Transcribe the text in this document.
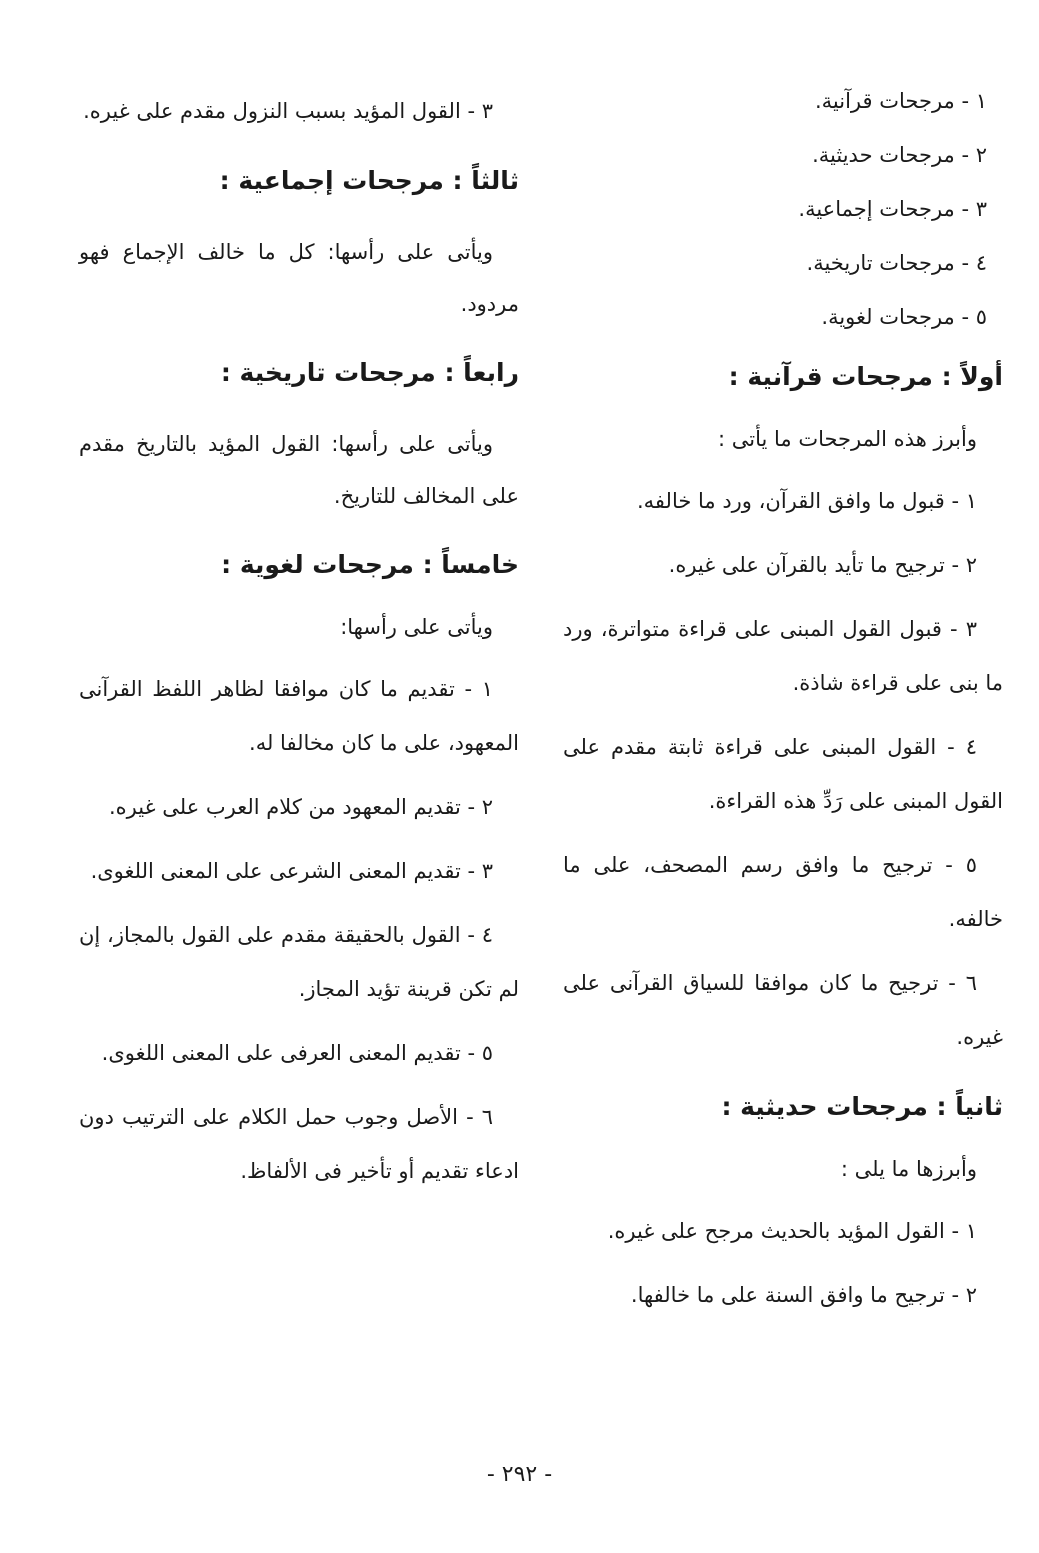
١ - مرجحات قرآنية.
٢ - مرجحات حديثية.
٣ - مرجحات إجماعية.
٤ - مرجحات تاريخية.
٥ - مرجحات لغوية.
أولاً : مرجحات قرآنية :

وأبرز هذه المرجحات ما يأتى :

١ - قبول ما وافق القرآن، ورد ما خالفه.
٢ - ترجيح ما تأيد بالقرآن على غيره.
٣ - قبول القول المبنى على قراءة متواترة، ورد ما بنى على قراءة شاذة.
٤ - القول المبنى على قراءة ثابتة مقدم على القول المبنى على رَدِّ هذه القراءة.
٥ - ترجيح ما وافق رسم المصحف، على ما خالفه.
٦ - ترجيح ما كان موافقا للسياق القرآنى على غيره.
ثانياً : مرجحات حديثية :

وأبرزها ما يلى :

١ - القول المؤيد بالحديث مرجح على غيره.
٢ - ترجيح ما وافق السنة على ما خالفها.
٣ - القول المؤيد بسبب النزول مقدم على غيره.
ثالثاً : مرجحات إجماعية :

ويأتى على رأسها: كل ما خالف الإجماع فهو مردود.

رابعاً : مرجحات تاريخية :

ويأتى على رأسها: القول المؤيد بالتاريخ مقدم على المخالف للتاريخ.

خامساً : مرجحات لغوية :

ويأتى على رأسها:

١ - تقديم ما كان موافقا لظاهر اللفظ القرآنى المعهود، على ما كان مخالفا له.
٢ - تقديم المعهود من كلام العرب على غيره.
٣ - تقديم المعنى الشرعى على المعنى اللغوى.
٤ - القول بالحقيقة مقدم على القول بالمجاز، إن لم تكن قرينة تؤيد المجاز.
٥ - تقديم المعنى العرفى على المعنى اللغوى.
٦ - الأصل وجوب حمل الكلام على الترتيب دون ادعاء تقديم أو تأخير فى الألفاظ.
- ٢٩٢ -
